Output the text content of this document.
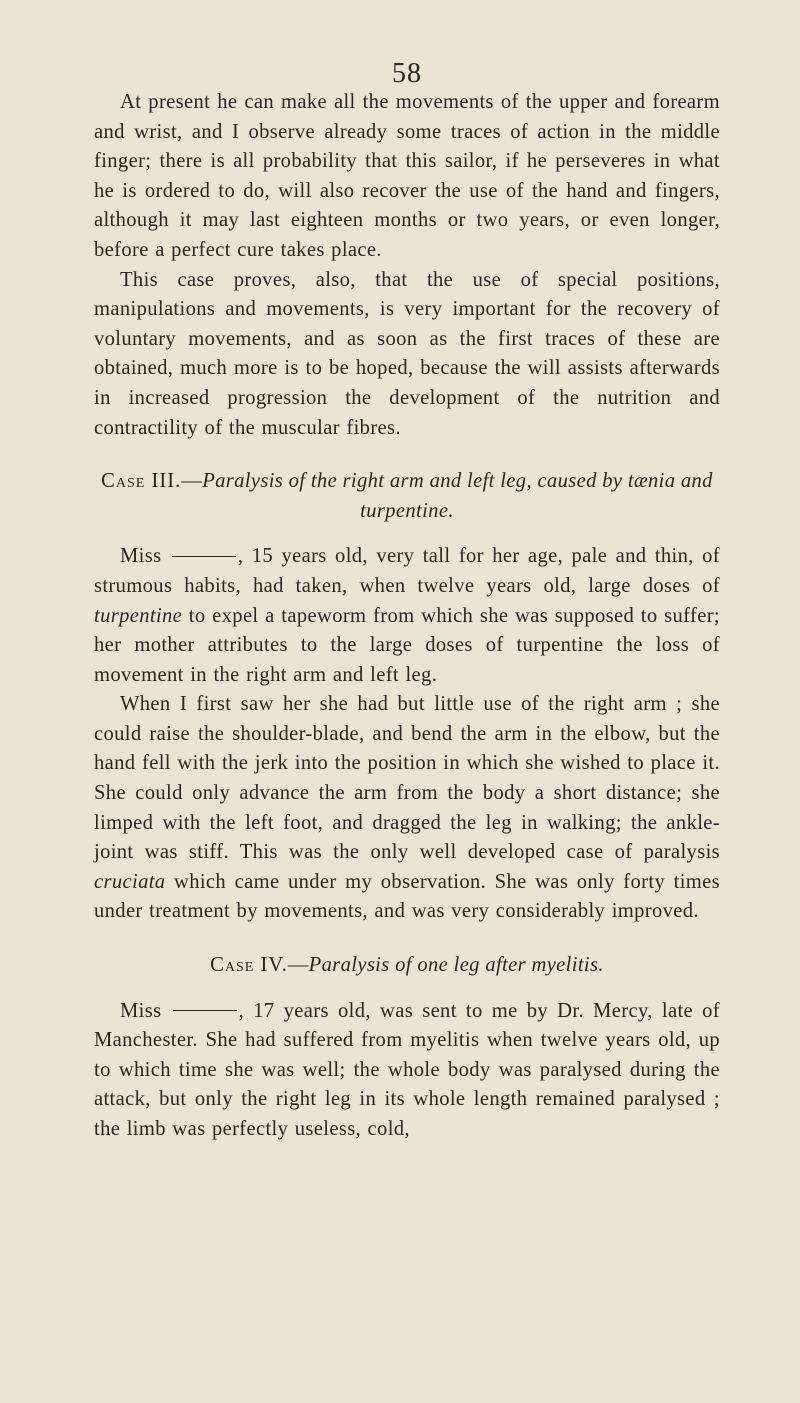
58

At present he can make all the movements of the upper and forearm and wrist, and I observe already some traces of action in the middle finger; there is all probability that this sailor, if he perseveres in what he is ordered to do, will also recover the use of the hand and fingers, although it may last eighteen months or two years, or even longer, before a perfect cure takes place.

This case proves, also, that the use of special positions, manipulations and movements, is very important for the recovery of voluntary movements, and as soon as the first traces of these are obtained, much more is to be hoped, because the will assists afterwards in increased progression the development of the nutrition and contractility of the muscular fibres.

Case III.—Paralysis of the right arm and left leg, caused by tænia and turpentine.

Miss	, 15 years old, very tall for her age, pale and thin, of strumous habits, had taken, when twelve years old, large doses of turpentine to expel a tapeworm from which she was supposed to suffer; her mother attributes to the large doses of turpentine the loss of movement in the right arm and left leg.

When I first saw her she had but little use of the right arm ; she could raise the shoulder-blade, and bend the arm in the elbow, but the hand fell with the jerk into the position in which she wished to place it. She could only advance the arm from the body a short distance; she limped with the left foot, and dragged the leg in walking; the ankle-joint was stiff. This was the only well developed case of paralysis cruciata which came under my observation. She was only forty times under treatment by movements, and was very considerably improved.

Case IV.—Paralysis of one leg after myelitis.

Miss	, 17 years old, was sent to me by Dr. Mercy, late of Manchester. She had suffered from myelitis when twelve years old, up to which time she was well; the whole body was paralysed during the attack, but only the right leg in its whole length remained paralysed ; the limb was perfectly useless, cold,
